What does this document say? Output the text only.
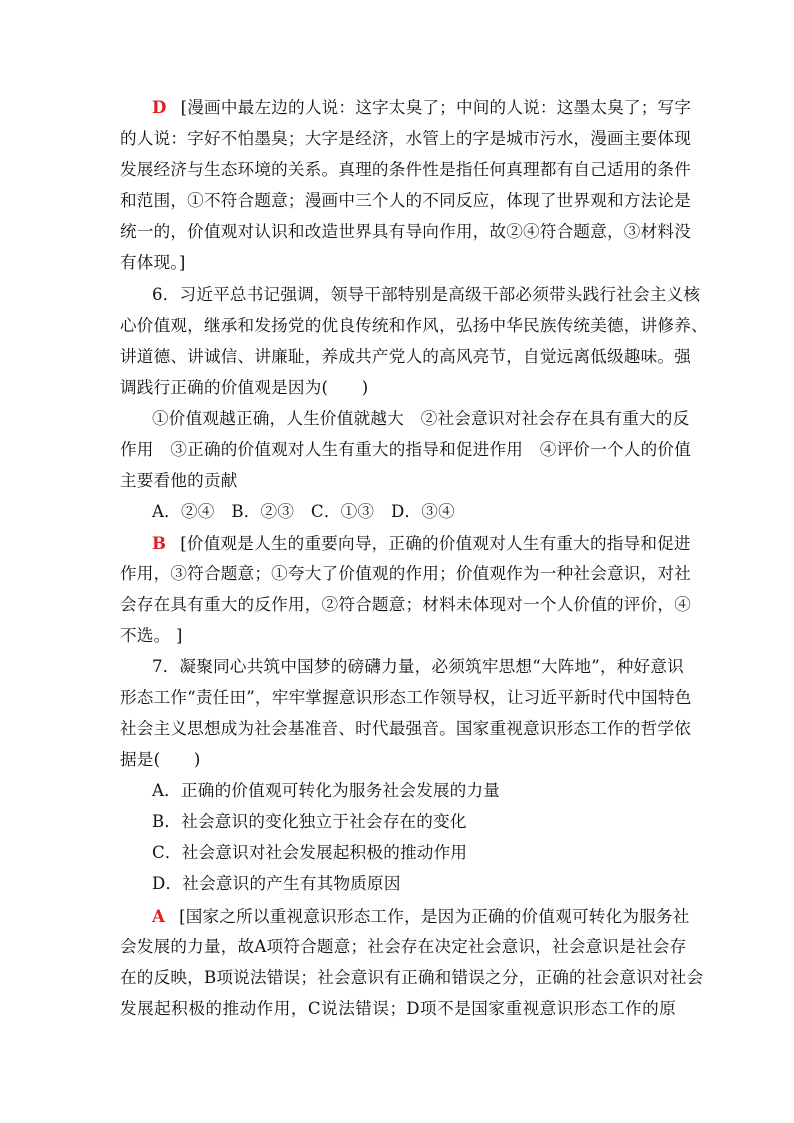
D [漫画中最左边的人说：这字太臭了；中间的人说：这墨太臭了；写字
的人说：字好不怕墨臭；大字是经济，水管上的字是城市污水，漫画主要体现
发展经济与生态环境的关系。真理的条件性是指任何真理都有自己适用的条件
和范围，①不符合题意；漫画中三个人的不同反应，体现了世界观和方法论是
统一的，价值观对认识和改造世界具有导向作用，故②④符合题意，③材料没
有体现。]
6．习近平总书记强调，领导干部特别是高级干部必须带头践行社会主义核
心价值观，继承和发扬党的优良传统和作风，弘扬中华民族传统美德，讲修养、
讲道德、讲诚信、讲廉耻，养成共产党人的高风亮节，自觉远离低级趣味。强
调践行正确的价值观是因为(　　)
①价值观越正确，人生价值就越大　②社会意识对社会存在具有重大的反
作用　③正确的价值观对人生有重大的指导和促进作用　④评价一个人的价值
主要看他的贡献
A．②④　B．②③　C．①③　D．③④
B [价值观是人生的重要向导，正确的价值观对人生有重大的指导和促进
作用，③符合题意；①夸大了价值观的作用；价值观作为一种社会意识，对社
会存在具有重大的反作用，②符合题意；材料未体现对一个人价值的评价，④
不选。 ]
7．凝聚同心共筑中国梦的磅礴力量，必须筑牢思想“大阵地”，种好意识
形态工作“责任田”，牢牢掌握意识形态工作领导权，让习近平新时代中国特色
社会主义思想成为社会基准音、时代最强音。国家重视意识形态工作的哲学依
据是(　　)
A．正确的价值观可转化为服务社会发展的力量
B．社会意识的变化独立于社会存在的变化
C．社会意识对社会发展起积极的推动作用
D．社会意识的产生有其物质原因
A [国家之所以重视意识形态工作，是因为正确的价值观可转化为服务社
会发展的力量，故A项符合题意；社会存在决定社会意识，社会意识是社会存
在的反映，B项说法错误；社会意识有正确和错误之分，正确的社会意识对社会
发展起积极的推动作用，C说法错误；D项不是国家重视意识形态工作的原
